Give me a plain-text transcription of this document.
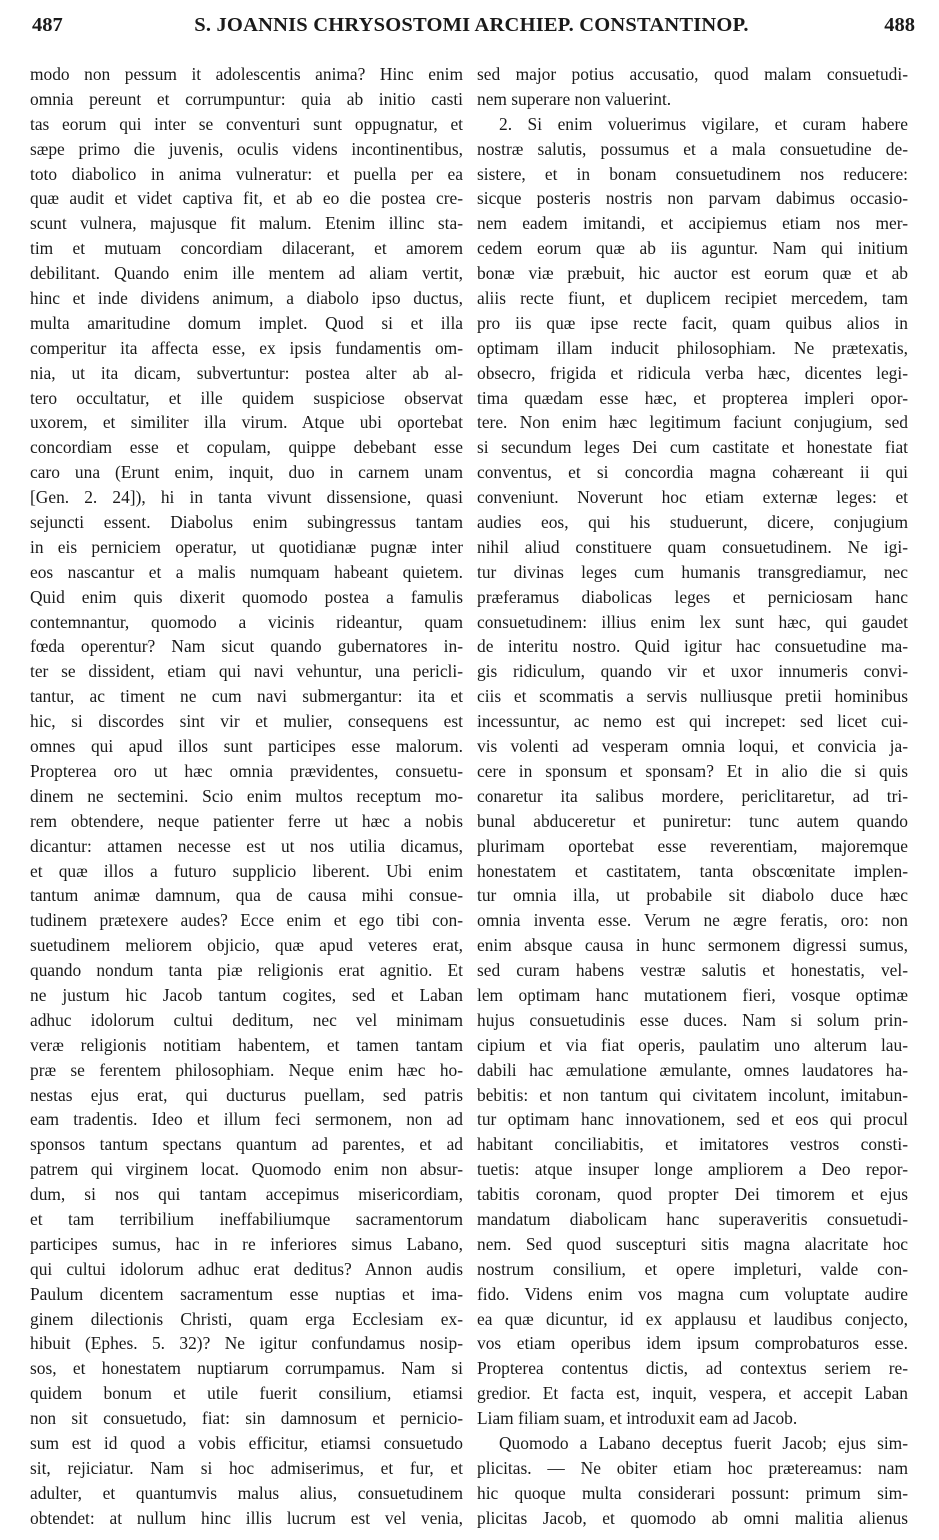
487	S. JOANNIS CHRYSOSTOMI ARCHIEP. CONSTANTINOP.	488
modo non pessum it adolescentis anima? Hinc enim
omnia pereunt et corrumpuntur: quia ab initio casti
tas eorum qui inter se conventuri sunt oppugnatur, et
sæpe primo die juvenis, oculis videns incontinentibus,
toto diabolico in anima vulneratur: et puella per ea
quæ audit et videt captiva fit, et ab eo die postea cre-
scunt vulnera, majusque fit malum. Etenim illinc sta-
tim et mutuam concordiam dilacerant, et amorem
debilitant. Quando enim ille mentem ad aliam vertit,
hinc et inde dividens animum, a diabolo ipso ductus,
multa amaritudine domum implet. Quod si et illa
comperitur ita affecta esse, ex ipsis fundamentis om-
nia, ut ita dicam, subvertuntur: postea alter ab al-
tero occultatur, et ille quidem suspiciose observat
uxorem, et similiter illa virum. Atque ubi oportebat
concordiam esse et copulam, quippe debebant esse
caro una (Erunt enim, inquit, duo in carnem unam
[Gen. 2. 24]), hi in tanta vivunt dissensione, quasi
sejuncti essent. Diabolus enim subingressus tantam
in eis perniciem operatur, ut quotidianæ pugnæ inter
eos nascantur et a malis numquam habeant quietem.
Quid enim quis dixerit quomodo postea a famulis
contemnantur, quomodo a vicinis rideantur, quam
fœda operentur? Nam sicut quando gubernatores in-
ter se dissident, etiam qui navi vehuntur, una pericli-
tantur, ac timent ne cum navi submergantur: ita et
hic, si discordes sint vir et mulier, consequens est
omnes qui apud illos sunt participes esse malorum.
Propterea oro ut hæc omnia prævidentes, consuetu-
dinem ne sectemini. Scio enim multos receptum mo-
rem obtendere, neque patienter ferre ut hæc a nobis
dicantur: attamen necesse est ut nos utilia dicamus,
et quæ illos a futuro supplicio liberent. Ubi enim
tantum animæ damnum, qua de causa mihi consue-
tudinem prætexere audes? Ecce enim et ego tibi con-
suetudinem meliorem objicio, quæ apud veteres erat,
quando nondum tanta piæ religionis erat agnitio. Et
ne justum hic Jacob tantum cogites, sed et Laban
adhuc idolorum cultui deditum, nec vel minimam
veræ religionis notitiam habentem, et tamen tantam
præ se ferentem philosophiam. Neque enim hæc ho-
nestas ejus erat, qui ducturus puellam, sed patris
eam tradentis. Ideo et illum feci sermonem, non ad
sponsos tantum spectans quantum ad parentes, et ad
patrem qui virginem locat. Quomodo enim non absur-
dum, si nos qui tantam accepimus misericordiam,
et tam terribilium ineffabiliumque sacramentorum
participes sumus, hac in re inferiores simus Labano,
qui cultui idolorum adhuc erat deditus? Annon audis
Paulum dicentem sacramentum esse nuptias et ima-
ginem dilectionis Christi, quam erga Ecclesiam ex-
hibuit (Ephes. 5. 32)? Ne igitur confundamus nosip-
sos, et honestatem nuptiarum corrumpamus. Nam si
quidem bonum et utile fuerit consilium, etiamsi
non sit consuetudo, fiat: sin damnosum et pernicio-
sum est id quod a vobis efficitur, etiamsi consuetudo
sit, rejiciatur. Nam si hoc admiserimus, et fur, et
adulter, et quantumvis malus alius, consuetudinem
obtendet: at nullum hinc illis lucrum est vel venia,
sed major potius accusatio, quod malam consuetudi-
nem superare non valuerint.
2. Si enim voluerimus vigilare, et curam habere
nostræ salutis, possumus et a mala consuetudine de-
sistere, et in bonam consuetudinem nos reducere:
sicque posteris nostris non parvam dabimus occasio-
nem eadem imitandi, et accipiemus etiam nos mer-
cedem eorum quæ ab iis aguntur. Nam qui initium
bonæ viæ præbuit, hic auctor est eorum quæ et ab
aliis recte fiunt, et duplicem recipiet mercedem, tam
pro iis quæ ipse recte facit, quam quibus alios in
optimam illam inducit philosophiam. Ne prætexatis,
obsecro, frigida et ridicula verba hæc, dicentes legi-
tima quædam esse hæc, et propterea impleri opor-
tere. Non enim hæc legitimum faciunt conjugium, sed
si secundum leges Dei cum castitate et honestate fiat
conventus, et si concordia magna cohæreant ii qui
conveniunt. Noverunt hoc etiam externæ leges: et
audies eos, qui his studuerunt, dicere, conjugium
nihil aliud constituere quam consuetudinem. Ne igi-
tur divinas leges cum humanis transgrediamur, nec
præferamus diabolicas leges et perniciosam hanc
consuetudinem: illius enim lex sunt hæc, qui gaudet
de interitu nostro. Quid igitur hac consuetudine ma-
gis ridiculum, quando vir et uxor innumeris convi-
ciis et scommatis a servis nulliusque pretii hominibus
incessuntur, ac nemo est qui increpet: sed licet cui-
vis volenti ad vesperam omnia loqui, et convicia ja-
cere in sponsum et sponsam? Et in alio die si quis
conaretur ita salibus mordere, periclitaretur, ad tri-
bunal abduceretur et puniretur: tunc autem quando
plurimam oportebat esse reverentiam, majoremque
honestatem et castitatem, tanta obscœnitate implen-
tur omnia illa, ut probabile sit diabolo duce hæc
omnia inventa esse. Verum ne ægre feratis, oro: non
enim absque causa in hunc sermonem digressi sumus,
sed curam habens vestræ salutis et honestatis, vel-
lem optimam hanc mutationem fieri, vosque optimæ
hujus consuetudinis esse duces. Nam si solum prin-
cipium et via fiat operis, paulatim uno alterum lau-
dabili hac æmulatione æmulante, omnes laudatores ha-
bebitis: et non tantum qui civitatem incolunt, imitabun-
tur optimam hanc innovationem, sed et eos qui procul
habitant conciliabitis, et imitatores vestros consti-
tuetis: atque insuper longe ampliorem a Deo repor-
tabitis coronam, quod propter Dei timorem et ejus
mandatum diabolicam hanc superaveritis consuetudi-
nem. Sed quod suscepturi sitis magna alacritate hoc
nostrum consilium, et opere impleturi, valde con-
fido. Videns enim vos magna cum voluptate audire
ea quæ dicuntur, id ex applausu et laudibus conjecto,
vos etiam operibus idem ipsum comprobaturos esse.
Propterea contentus dictis, ad contextus seriem re-
gredior. Et facta est, inquit, vespera, et accepit Laban
Liam filiam suam, et introduxit eam ad Jacob.
Quomodo a Labano deceptus fuerit Jacob; ejus sim-
plicitas. — Ne obiter etiam hoc prætereamus: nam
hic quoque multa considerari possunt: primum sim-
plicitas Jacob, et quomodo ab omni malitia alienus
